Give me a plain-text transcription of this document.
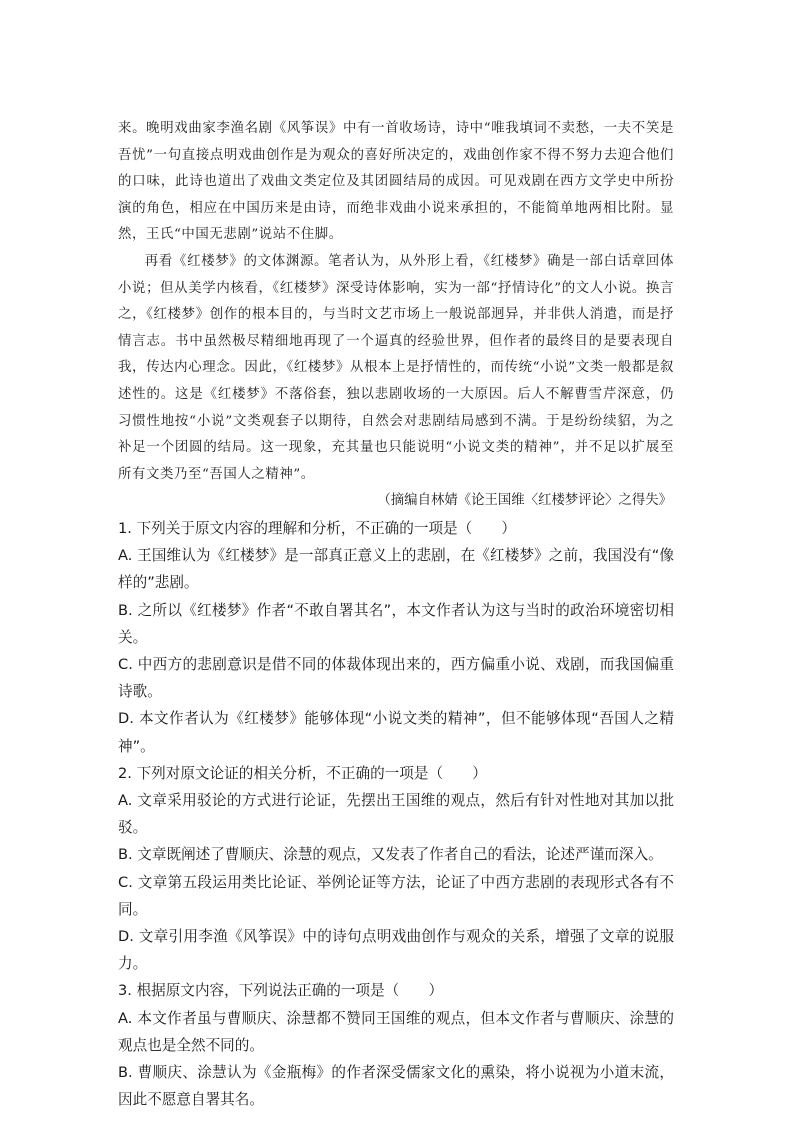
来。晚明戏曲家李渔名剧《风筝误》中有一首收场诗，诗中“唯我填词不卖愁，一夫不笑是吾忧”一句直接点明戏曲创作是为观众的喜好所决定的，戏曲创作家不得不努力去迎合他们的口味，此诗也道出了戏曲文类定位及其团圆结局的成因。可见戏剧在西方文学史中所扮演的角色，相应在中国历来是由诗，而绝非戏曲小说来承担的，不能简单地两相比附。显然，王氏“中国无悲剧”说站不住脚。

再看《红楼梦》的文体渊源。笔者认为，从外形上看，《红楼梦》确是一部白话章回体小说；但从美学内核看，《红楼梦》深受诗体影响，实为一部“抒情诗化”的文人小说。换言之，《红楼梦》创作的根本目的，与当时文艺市场上一般说部迥异，并非供人消遣，而是抒情言志。书中虽然极尽精细地再现了一个逼真的经验世界，但作者的最终目的是要表现自我，传达内心理念。因此，《红楼梦》从根本上是抒情性的，而传统“小说”文类一般都是叙述性的。这是《红楼梦》不落俗套，独以悲剧收场的一大原因。后人不解曹雪芹深意，仍习惯性地按“小说”文类观套子以期待，自然会对悲剧结局感到不满。于是纷纷续貂，为之补足一个团圆的结局。这一现象，充其量也只能说明“小说文类的精神”，并不足以扩展至所有文类乃至“吾国人之精神”。

（摘编自林婧《论王国维〈红楼梦评论〉之得失》

1. 下列关于原文内容的理解和分析，不正确的一项是（　　）

A. 王国维认为《红楼梦》是一部真正意义上的悲剧，在《红楼梦》之前，我国没有“像样的”悲剧。

B. 之所以《红楼梦》作者“不敢自署其名”，本文作者认为这与当时的政治环境密切相关。

C. 中西方的悲剧意识是借不同的体裁体现出来的，西方偏重小说、戏剧，而我国偏重诗歌。

D. 本文作者认为《红楼梦》能够体现“小说文类的精神”，但不能够体现“吾国人之精神”。

2. 下列对原文论证的相关分析，不正确的一项是（　　）

A. 文章采用驳论的方式进行论证，先摆出王国维的观点，然后有针对性地对其加以批驳。

B. 文章既阐述了曹顺庆、涂慧的观点，又发表了作者自己的看法，论述严谨而深入。

C. 文章第五段运用类比论证、举例论证等方法，论证了中西方悲剧的表现形式各有不同。

D. 文章引用李渔《风筝误》中的诗句点明戏曲创作与观众的关系，增强了文章的说服力。

3. 根据原文内容，下列说法正确的一项是（　　）

A. 本文作者虽与曹顺庆、涂慧都不赞同王国维的观点，但本文作者与曹顺庆、涂慧的观点也是全然不同的。

B. 曹顺庆、涂慧认为《金瓶梅》的作者深受儒家文化的熏染，将小说视为小道末流，因此不愿意自署其名。
